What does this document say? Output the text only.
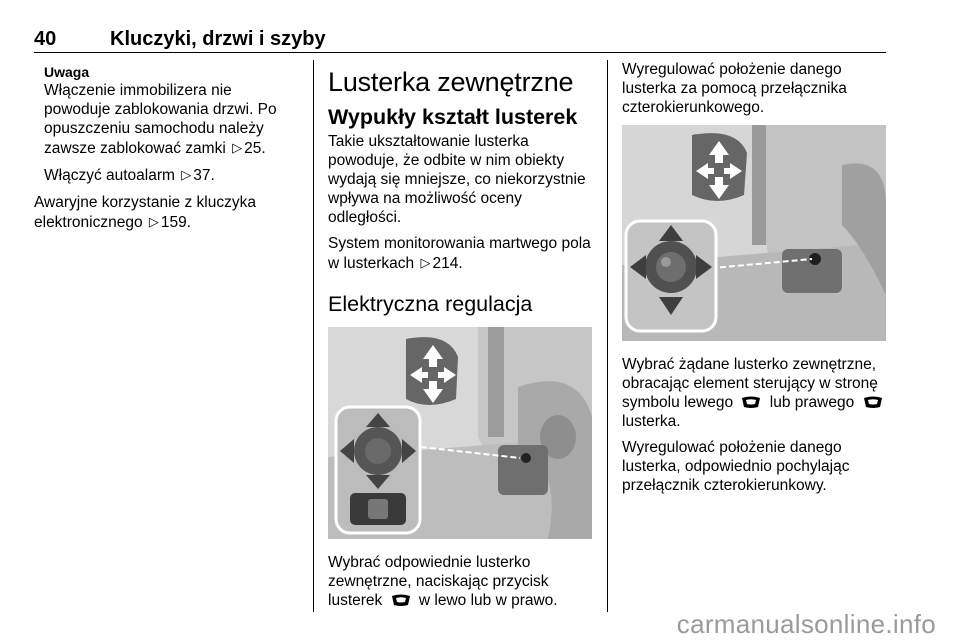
40	Kluczyki, drzwi i szyby
Uwaga

Włączenie immobilizera nie powoduje zablokowania drzwi. Po opuszczeniu samochodu należy zawsze zablokować zamki ▷ 25.

Włączyć autoalarm ▷ 37.

Awaryjne korzystanie z kluczyka elektronicznego ▷ 159.

Lusterka zewnętrzne
Wypukły kształt lusterek

Takie ukształtowanie lusterka powoduje, że odbite w nim obiekty wydają się mniejsze, co niekorzystnie wpływa na możliwość oceny odległości.

System monitorowania martwego pola w lusterkach ▷ 214.

Elektryczna regulacja

Wybrać odpowiednie lusterko zewnętrzne, naciskając przycisk lusterek w lewo lub w prawo.

Wyregulować położenie danego lusterka za pomocą przełącznika czterokierunkowego.

Wybrać żądane lusterko zewnętrzne, obracając element sterujący w stronę symbolu lewego lub prawego  lusterka.

Wyregulować położenie danego lusterka, odpowiednio pochylając przełącznik czterokierunkowy.

carmanualsonline.info
